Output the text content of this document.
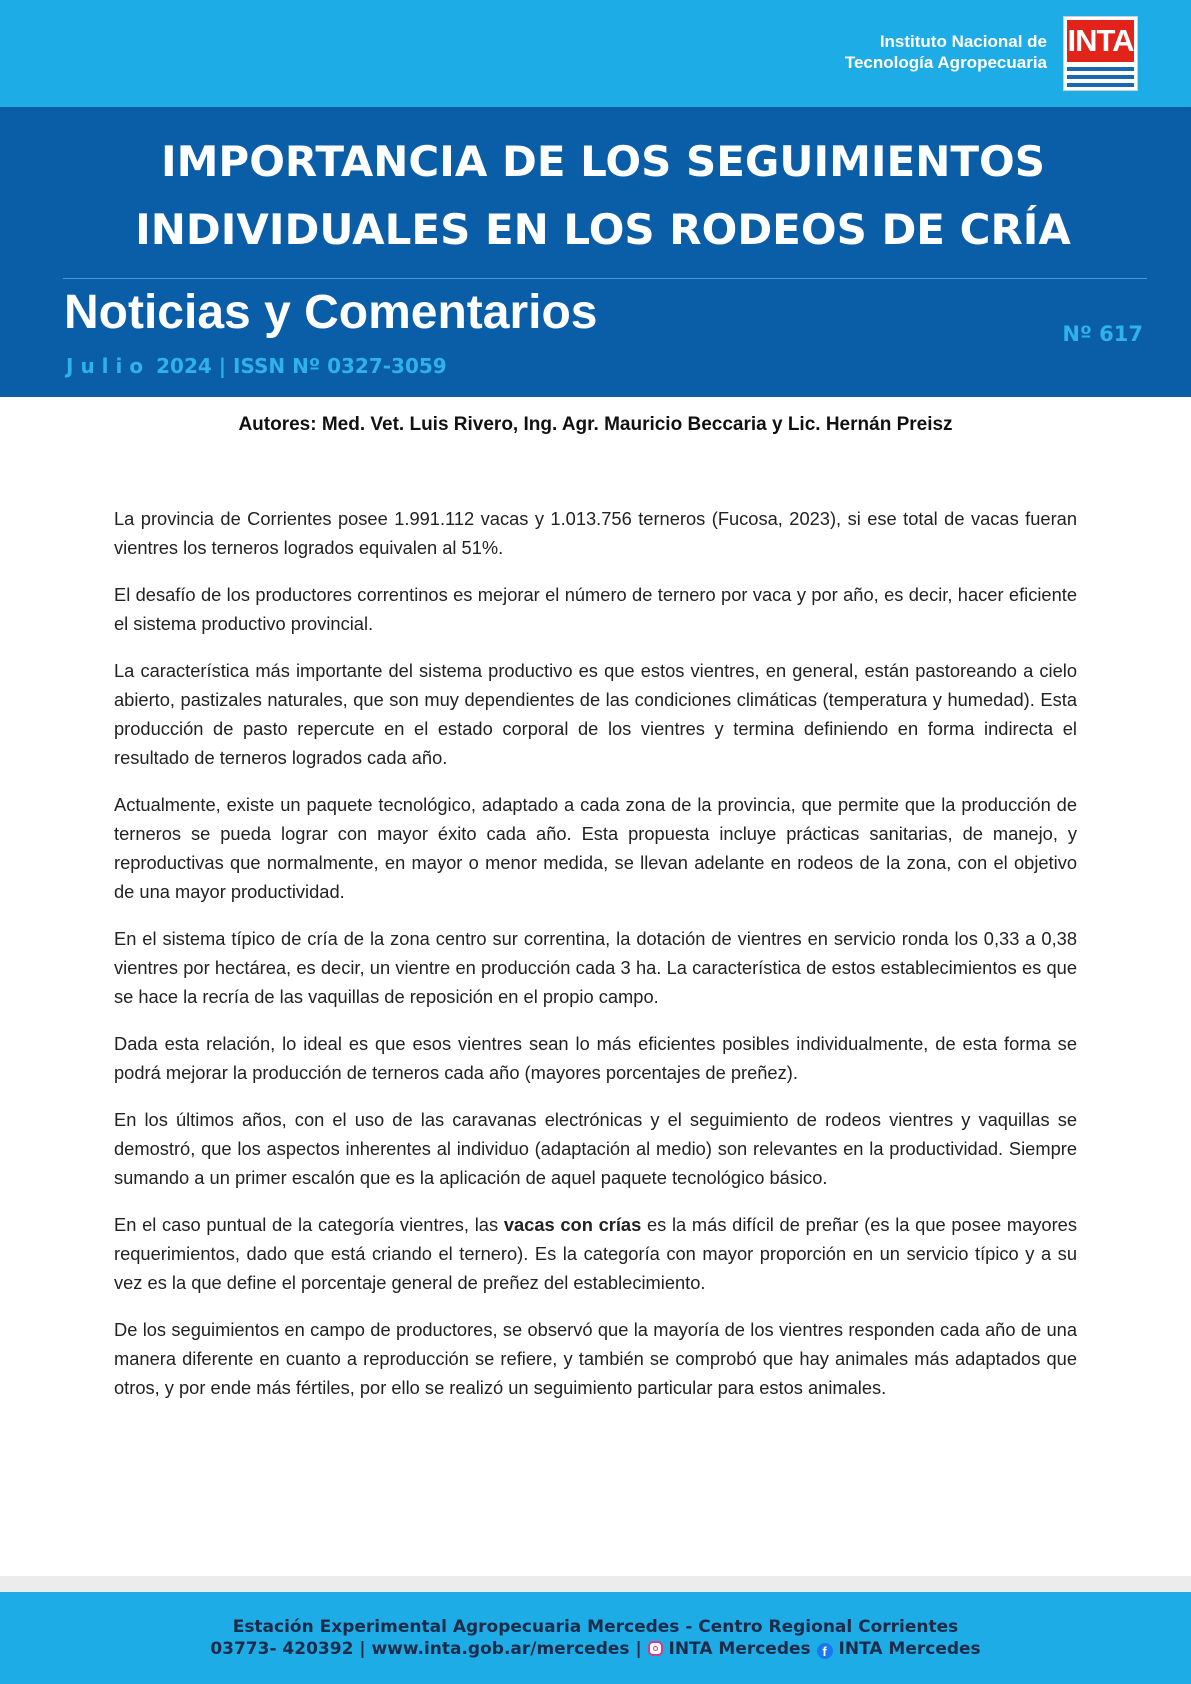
Instituto Nacional de
Tecnología Agropecuaria
INTA
IMPORTANCIA DE LOS SEGUIMIENTOS
INDIVIDUALES EN LOS RODEOS DE CRÍA
Noticias y Comentarios
Julio 2024 | ISSN Nº 0327-3059
Nº 617
Autores: Med. Vet. Luis Rivero, Ing. Agr. Mauricio Beccaria y Lic. Hernán Preisz

La provincia de Corrientes posee 1.991.112 vacas y 1.013.756 terneros (Fucosa, 2023), si ese total de vacas fueran vientres los terneros logrados equivalen al 51%.

El desafío de los productores correntinos es mejorar el número de ternero por vaca y por año, es decir, hacer eficiente el sistema productivo provincial.

La característica más importante del sistema productivo es que estos vientres, en general, están pastoreando a cielo abierto, pastizales naturales, que son muy dependientes de las condiciones climáticas (temperatura y humedad). Esta producción de pasto repercute en el estado corporal de los vientres y termina definiendo en forma indirecta el resultado de terneros logrados cada año.

Actualmente, existe un paquete tecnológico, adaptado a cada zona de la provincia, que permite que la producción de terneros se pueda lograr con mayor éxito cada año. Esta propuesta incluye prácticas sanitarias, de manejo, y reproductivas que normalmente, en mayor o menor medida, se llevan adelante en rodeos de la zona, con el objetivo de una mayor productividad.

En el sistema típico de cría de la zona centro sur correntina, la dotación de vientres en servicio ronda los 0,33 a 0,38 vientres por hectárea, es decir, un vientre en producción cada 3 ha. La característica de estos establecimientos es que se hace la recría de las vaquillas de reposición en el propio campo.

Dada esta relación, lo ideal es que esos vientres sean lo más eficientes posibles individualmente, de esta forma se podrá mejorar la producción de terneros cada año (mayores porcentajes de preñez).

En los últimos años, con el uso de las caravanas electrónicas y el seguimiento de rodeos vientres y vaquillas se demostró, que los aspectos inherentes al individuo (adaptación al medio) son relevantes en la productividad. Siempre sumando a un primer escalón que es la aplicación de aquel paquete tecnológico básico.

En el caso puntual de la categoría vientres, las vacas con crías es la más difícil de preñar (es la que posee mayores requerimientos, dado que está criando el ternero). Es la categoría con mayor proporción en un servicio típico y a su vez es la que define el porcentaje general de preñez del establecimiento.

De los seguimientos en campo de productores, se observó que la mayoría de los vientres responden cada año de una manera diferente en cuanto a reproducción se refiere, y también se comprobó que hay animales más adaptados que otros, y por ende más fértiles, por ello se realizó un seguimiento particular para estos animales.

Estación Experimental Agropecuaria Mercedes - Centro Regional Corrientes
03773- 420392 | www.inta.gob.ar/mercedes |  INTA Mercedes f INTA Mercedes
